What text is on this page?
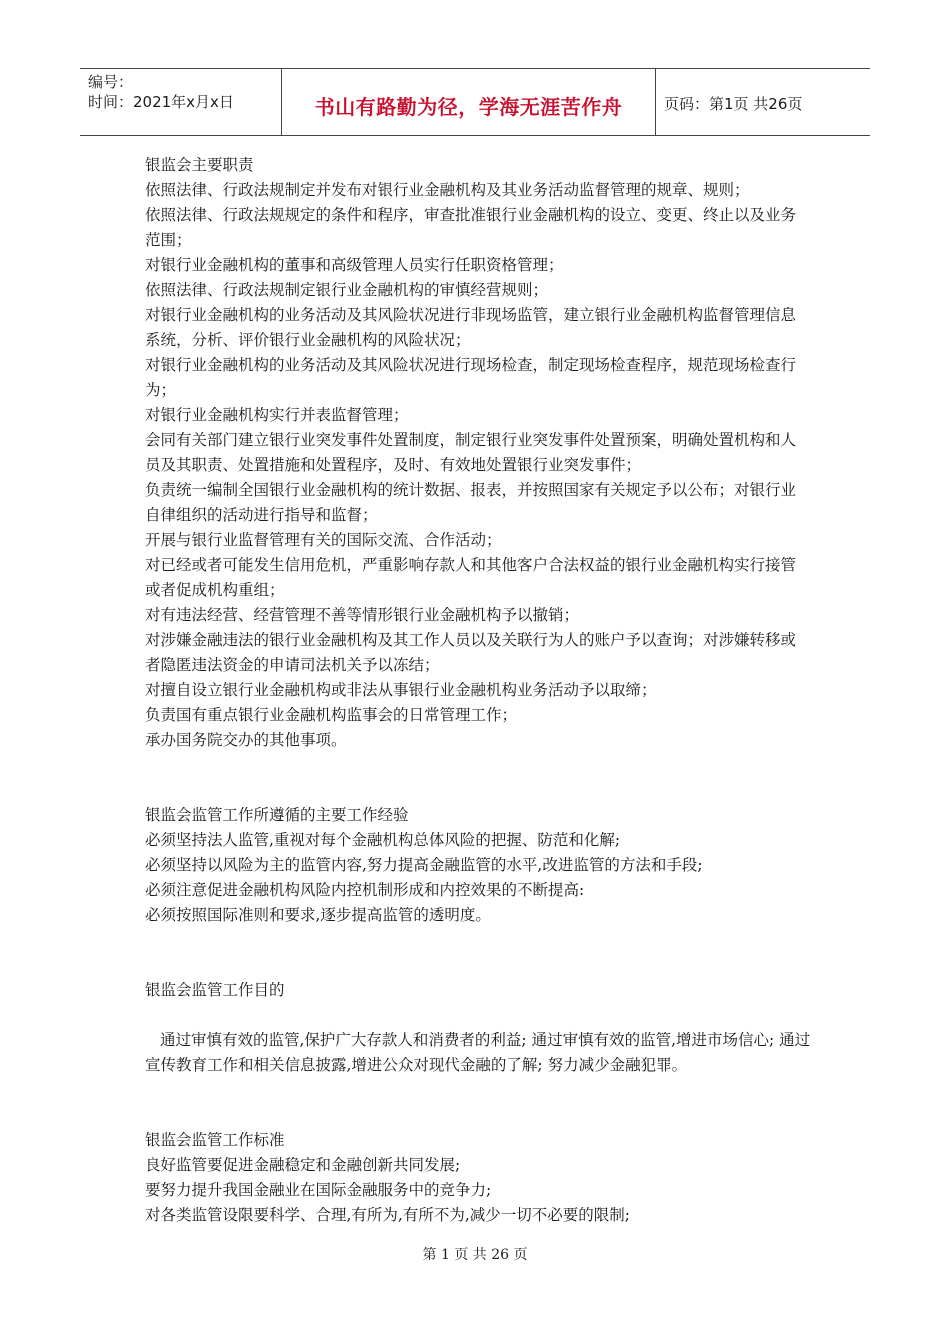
编号：
时间：2021年x月x日	书山有路勤为径，学海无涯苦作舟	页码：第1页 共26页

银监会主要职责

依照法律、行政法规制定并发布对银行业金融机构及其业务活动监督管理的规章、规则；

依照法律、行政法规规定的条件和程序，审查批准银行业金融机构的设立、变更、终止以及业务范围；

对银行业金融机构的董事和高级管理人员实行任职资格管理；

依照法律、行政法规制定银行业金融机构的审慎经营规则；

对银行业金融机构的业务活动及其风险状况进行非现场监管，建立银行业金融机构监督管理信息系统，分析、评价银行业金融机构的风险状况；

对银行业金融机构的业务活动及其风险状况进行现场检查，制定现场检查程序，规范现场检查行为；

对银行业金融机构实行并表监督管理；

会同有关部门建立银行业突发事件处置制度，制定银行业突发事件处置预案，明确处置机构和人员及其职责、处置措施和处置程序，及时、有效地处置银行业突发事件；

负责统一编制全国银行业金融机构的统计数据、报表，并按照国家有关规定予以公布；对银行业自律组织的活动进行指导和监督；

开展与银行业监督管理有关的国际交流、合作活动；

对已经或者可能发生信用危机，严重影响存款人和其他客户合法权益的银行业金融机构实行接管或者促成机构重组；

对有违法经营、经营管理不善等情形银行业金融机构予以撤销；

对涉嫌金融违法的银行业金融机构及其工作人员以及关联行为人的账户予以查询；对涉嫌转移或者隐匿违法资金的申请司法机关予以冻结；

对擅自设立银行业金融机构或非法从事银行业金融机构业务活动予以取缔；

负责国有重点银行业金融机构监事会的日常管理工作；

承办国务院交办的其他事项。

银监会监管工作所遵循的主要工作经验

必须坚持法人监管,重视对每个金融机构总体风险的把握、防范和化解;

必须坚持以风险为主的监管内容,努力提高金融监管的水平,改进监管的方法和手段;

必须注意促进金融机构风险内控机制形成和内控效果的不断提高:

必须按照国际准则和要求,逐步提高监管的透明度。

银监会监管工作目的

通过审慎有效的监管,保护广大存款人和消费者的利益; 通过审慎有效的监管,增进市场信心; 通过宣传教育工作和相关信息披露,增进公众对现代金融的了解; 努力减少金融犯罪。

银监会监管工作标准

良好监管要促进金融稳定和金融创新共同发展;

要努力提升我国金融业在国际金融服务中的竞争力;

对各类监管设限要科学、合理,有所为,有所不为,减少一切不必要的限制;

第 1 页 共 26 页
